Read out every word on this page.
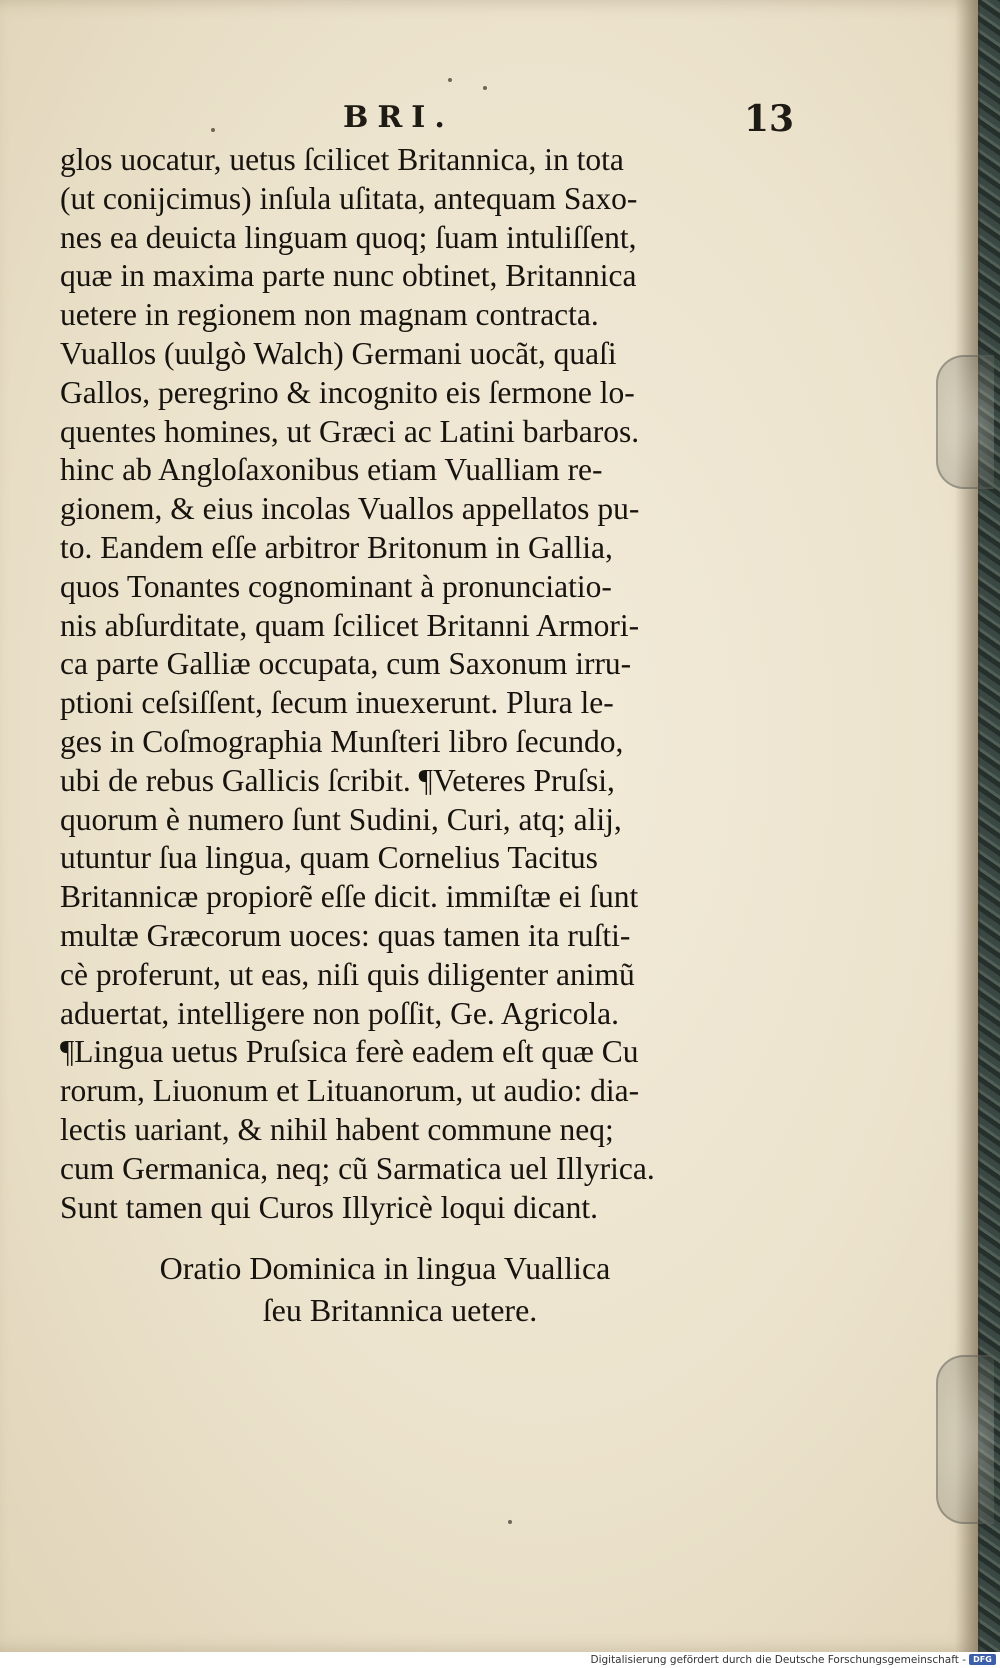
BRI.	13
glos uocatur, uetus ſcilicet Britannica, in tota
(ut conijcimus) inſula uſitata, antequam Saxo-
nes ea deuicta linguam quoq; ſuam intuliſſent,
quæ in maxima parte nunc obtinet, Britannica
uetere in regionem non magnam contracta.
Vuallos (uulgò Walch) Germani uocãt, quaſi
Gallos, peregrino & incognito eis ſermone lo-
quentes homines, ut Græci ac Latini barbaros.
hinc ab Angloſaxonibus etiam Vualliam re-
gionem, & eius incolas Vuallos appellatos pu-
to. Eandem eſſe arbitror Britonum in Gallia,
quos Tonantes cognominant à pronunciatio-
nis abſurditate, quam ſcilicet Britanni Armori-
ca parte Galliæ occupata, cum Saxonum irru-
ptioni ceſsiſſent, ſecum inuexerunt. Plura le-
ges in Coſmographia Munſteri libro ſecundo,
ubi de rebus Gallicis ſcribit. ¶Veteres Pruſsi,
quorum è numero ſunt Sudini, Curi, atq; alij,
utuntur ſua lingua, quam Cornelius Tacitus
Britannicæ propiorẽ eſſe dicit. immiſtæ ei ſunt
multæ Græcorum uoces: quas tamen ita ruſti-
cè proferunt, ut eas, niſi quis diligenter animũ
aduertat, intelligere non poſſit, Ge. Agricola.
¶Lingua uetus Pruſsica ferè eadem eſt quæ Cu
rorum, Liuonum et Lituanorum, ut audio: dia-
lectis uariant, & nihil habent commune neq;
cum Germanica, neq; cũ Sarmatica uel Illyrica.
Sunt tamen qui Curos Illyricè loqui dicant.
Oratio Dominica in lingua Vuallica
ſeu Britannica uetere.
Digitalisierung gefördert durch die Deutsche Forschungsgemeinschaft - DFG
